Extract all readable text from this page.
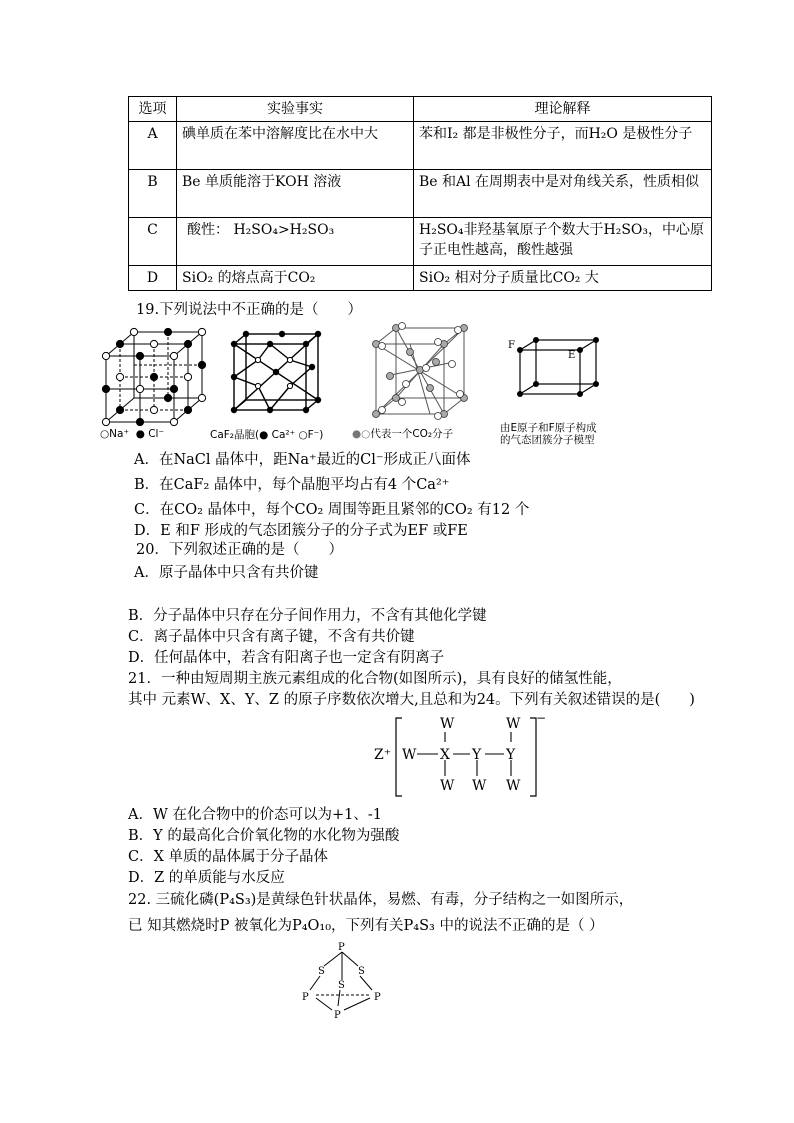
选项	实验事实	理论解释
A	碘单质在苯中溶解度比在水中大	苯和I₂ 都是非极性分子，而H₂O 是极性分子
B	Be 单质能溶于KOH 溶液	Be 和Al 在周期表中是对角线关系，性质相似
C	酸性： H₂SO₄>H₂SO₃	H₂SO₄非羟基氧原子个数大于H₂SO₃，中心原子正电性越高，酸性越强
D	SiO₂ 的熔点高于CO₂	SiO₂ 相对分子质量比CO₂ 大
19.下列说法中不正确的是（　　）
○Na⁺ ● Cl⁻	CaF₂晶胞(● Ca²⁺ ○F⁻)	●○代表一个CO₂分子
F
E
由E原子和F原子构成
的气态团簇分子模型
A．在NaCl 晶体中，距Na⁺最近的Cl⁻形成正八面体
B．在CaF₂ 晶体中，每个晶胞平均占有4 个Ca²⁺
C．在CO₂ 晶体中，每个CO₂ 周围等距且紧邻的CO₂ 有12 个
D．E 和F 形成的气态团簇分子的分子式为EF 或FE
20．下列叙述正确的是（　　）
A．原子晶体中只含有共价键
B．分子晶体中只存在分子间作用力，不含有其他化学键
C．离子晶体中只含有离子键，不含有共价键
D．任何晶体中，若含有阳离子也一定含有阴离子
21．一种由短周期主族元素组成的化合物(如图所示)，具有良好的储氢性能，
其中 元素W、X、Y、Z 的原子序数依次增大,且总和为24。下列有关叙述错误的是(　　)
Z⁺
−
W
W
X
W
Y
W
W
Y
W
A．W 在化合物中的价态可以为+1、-1
B．Y 的最高化合价氧化物的水化物为强酸
C．X 单质的晶体属于分子晶体
D．Z 的单质能与水反应
22. 三硫化磷(P₄S₃)是黄绿色针状晶体，易燃、有毒，分子结构之一如图所示，
已 知其燃烧时P 被氧化为P₄O₁₀，下列有关P₄S₃ 中的说法不正确的是（ ）
P
S	S
S
P	P
P
